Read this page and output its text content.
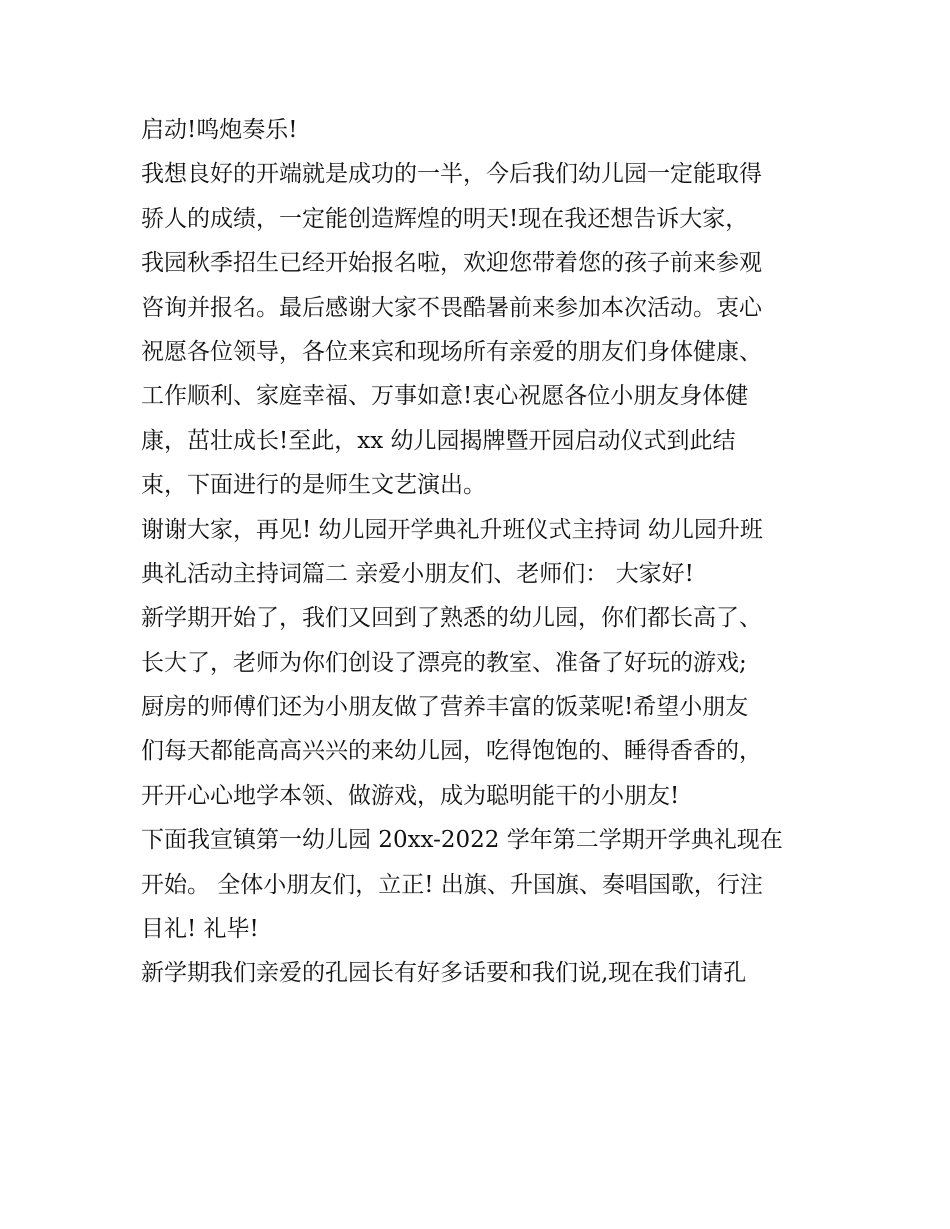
启动!鸣炮奏乐!
我想良好的开端就是成功的一半，今后我们幼儿园一定能取得
骄人的成绩，一定能创造辉煌的明天!现在我还想告诉大家，
我园秋季招生已经开始报名啦，欢迎您带着您的孩子前来参观
咨询并报名。最后感谢大家不畏酷暑前来参加本次活动。衷心
祝愿各位领导，各位来宾和现场所有亲爱的朋友们身体健康、
工作顺利、家庭幸福、万事如意!衷心祝愿各位小朋友身体健
康，茁壮成长!至此，xx 幼儿园揭牌暨开园启动仪式到此结
束，下面进行的是师生文艺演出。
谢谢大家，再见! 幼儿园开学典礼升班仪式主持词 幼儿园升班
典礼活动主持词篇二 亲爱小朋友们、老师们： 大家好!
新学期开始了，我们又回到了熟悉的幼儿园，你们都长高了、
长大了，老师为你们创设了漂亮的教室、准备了好玩的游戏;
厨房的师傅们还为小朋友做了营养丰富的饭菜呢!希望小朋友
们每天都能高高兴兴的来幼儿园，吃得饱饱的、睡得香香的，
开开心心地学本领、做游戏，成为聪明能干的小朋友!
下面我宣镇第一幼儿园 20xx-2022 学年第二学期开学典礼现在
开始。 全体小朋友们，立正! 出旗、升国旗、奏唱国歌，行注
目礼! 礼毕!
新学期我们亲爱的孔园长有好多话要和我们说,现在我们请孔
